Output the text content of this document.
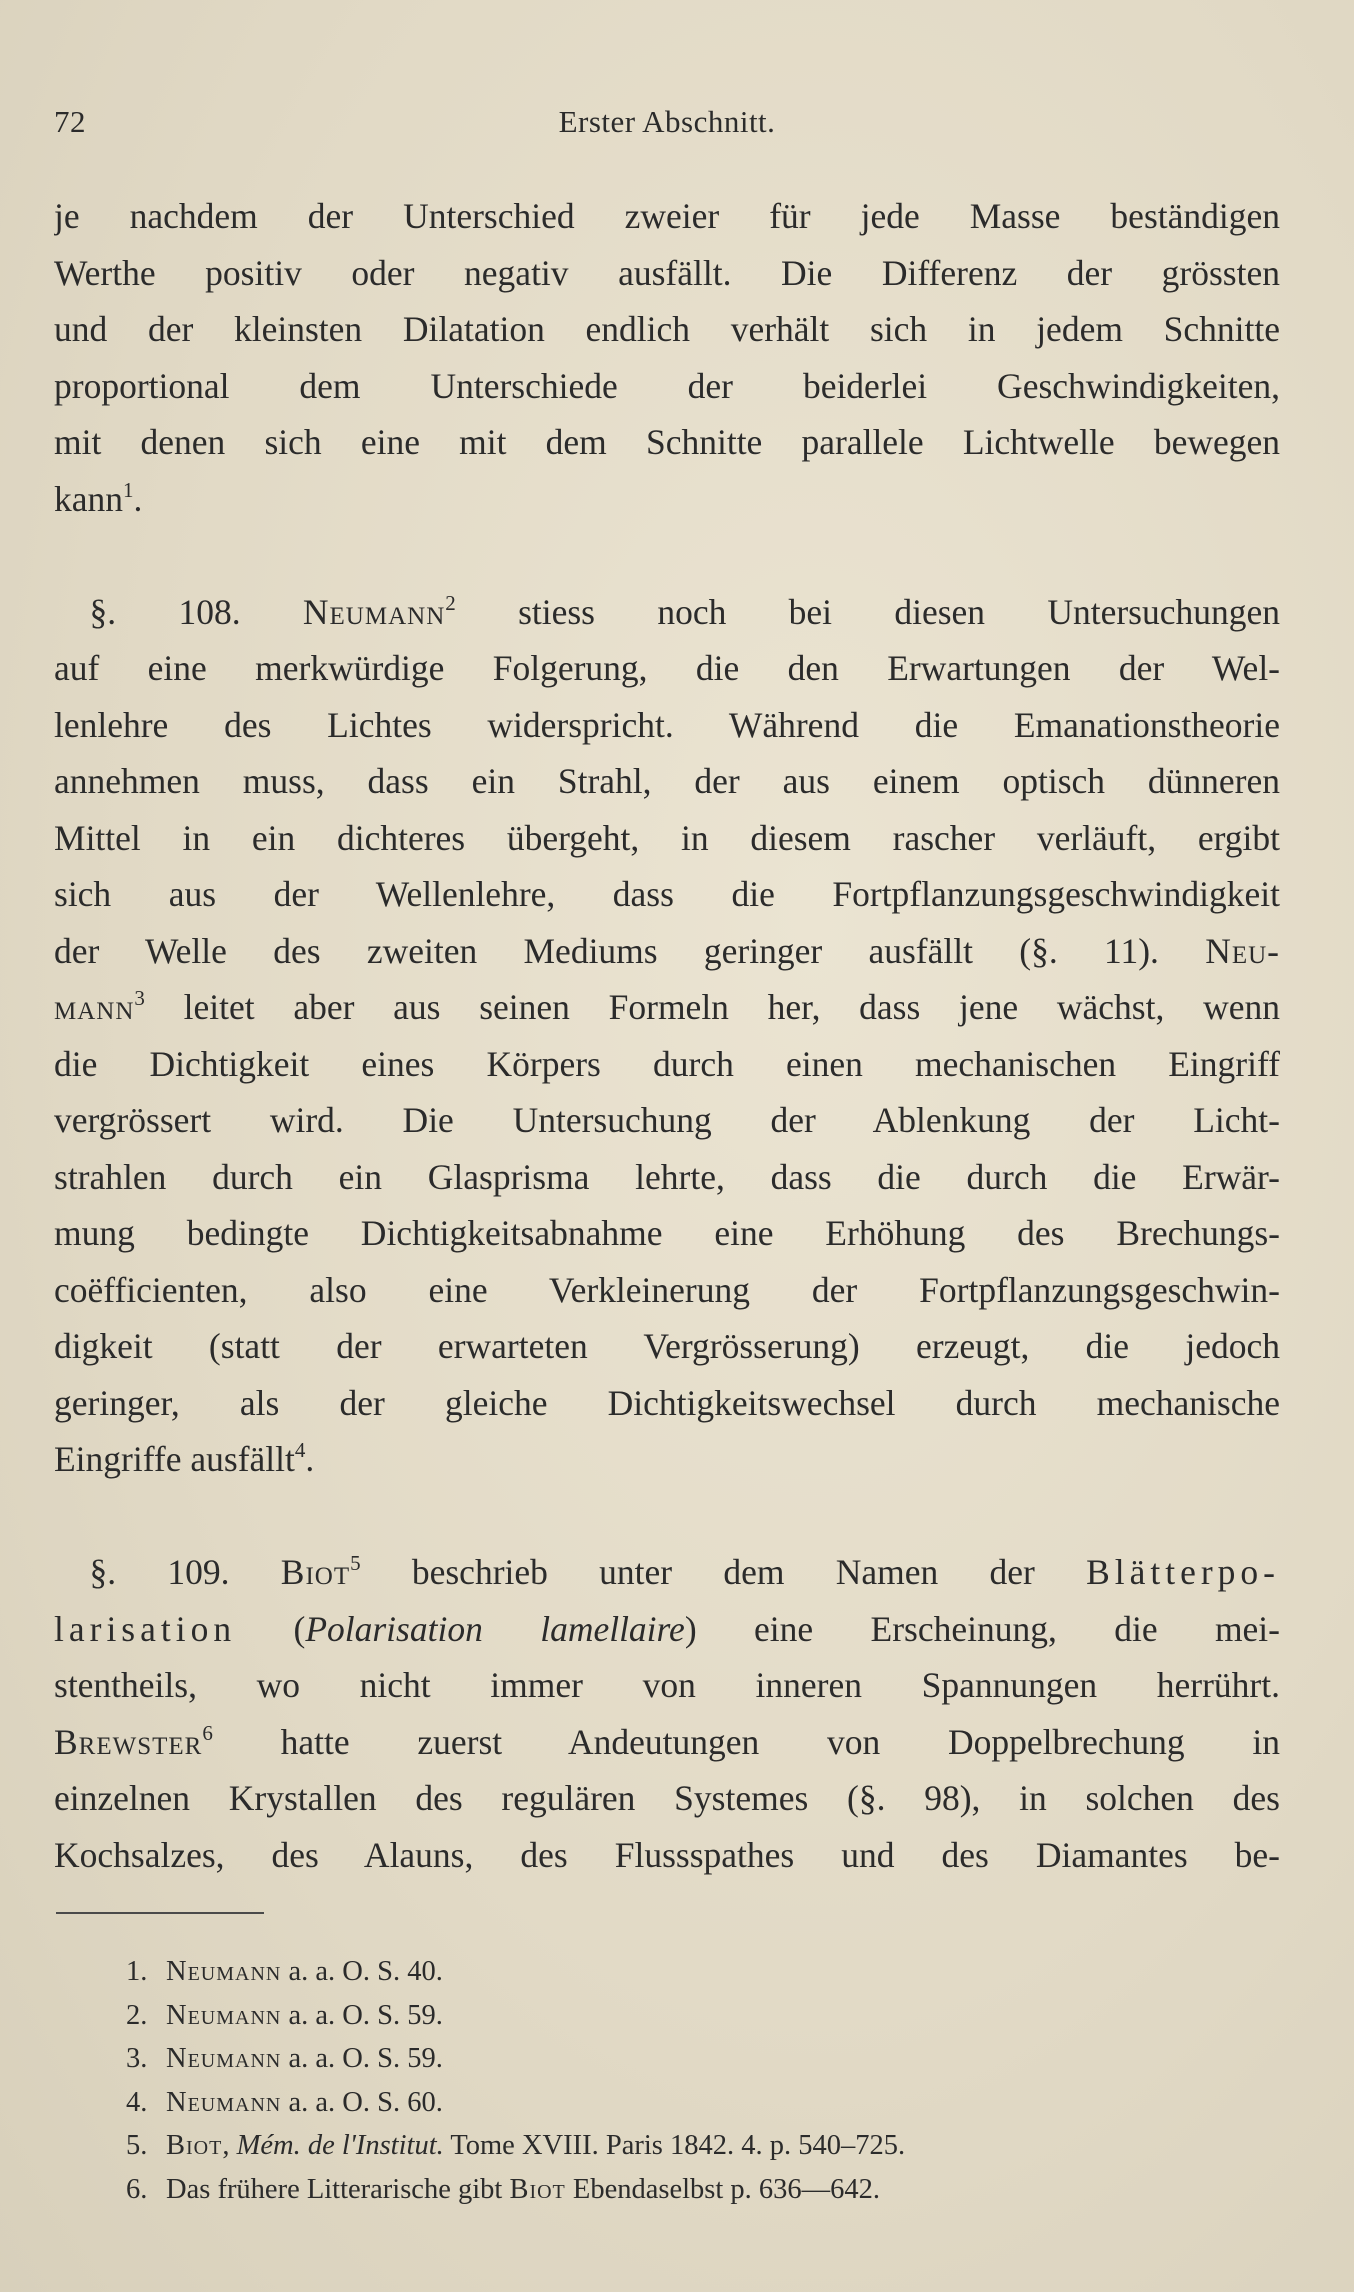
72	Erster Abschnitt.
je nachdem der Unterschied zweier für jede Masse beständigen
Werthe positiv oder negativ ausfällt. Die Differenz der grössten
und der kleinsten Dilatation endlich verhält sich in jedem Schnitte
proportional dem Unterschiede der beiderlei Geschwindigkeiten,
mit denen sich eine mit dem Schnitte parallele Lichtwelle bewegen
kann$^1$.
 §. 108. Neumann$^2$ stiess noch bei diesen Untersuchungen
auf eine merkwürdige Folgerung, die den Erwartungen der Wel-
lenlehre des Lichtes widerspricht. Während die Emanationstheorie
annehmen muss, dass ein Strahl, der aus einem optisch dünneren
Mittel in ein dichteres übergeht, in diesem rascher verläuft, ergibt
sich aus der Wellenlehre, dass die Fortpflanzungsgeschwindigkeit
der Welle des zweiten Mediums geringer ausfällt (§. 11). Neu-
mann$^3$ leitet aber aus seinen Formeln her, dass jene wächst, wenn
die Dichtigkeit eines Körpers durch einen mechanischen Eingriff
vergrössert wird. Die Untersuchung der Ablenkung der Licht-
strahlen durch ein Glasprisma lehrte, dass die durch die Erwär-
mung bedingte Dichtigkeitsabnahme eine Erhöhung des Brechungs-
coëfficienten, also eine Verkleinerung der Fortpflanzungsgeschwin-
digkeit (statt der erwarteten Vergrösserung) erzeugt, die jedoch
geringer, als der gleiche Dichtigkeitswechsel durch mechanische
Eingriffe ausfällt$^4$.
 §. 109. Biot$^5$ beschrieb unter dem Namen der Blätterpo-
larisation (Polarisation lamellaire) eine Erscheinung, die mei-
stentheils, wo nicht immer von inneren Spannungen herrührt.
Brewster$^6$ hatte zuerst Andeutungen von Doppelbrechung in
einzelnen Krystallen des regulären Systemes (§. 98), in solchen des
Kochsalzes, des Alauns, des Flussspathes und des Diamantes be-
1. Neumann a. a. O. S. 40.
2. Neumann a. a. O. S. 59.
3. Neumann a. a. O. S. 59.
4. Neumann a. a. O. S. 60.
5. Biot, Mém. de l'Institut. Tome XVIII. Paris 1842. 4. p. 540–725.
6. Das frühere Litterarische gibt Biot Ebendaselbst p. 636—642.
